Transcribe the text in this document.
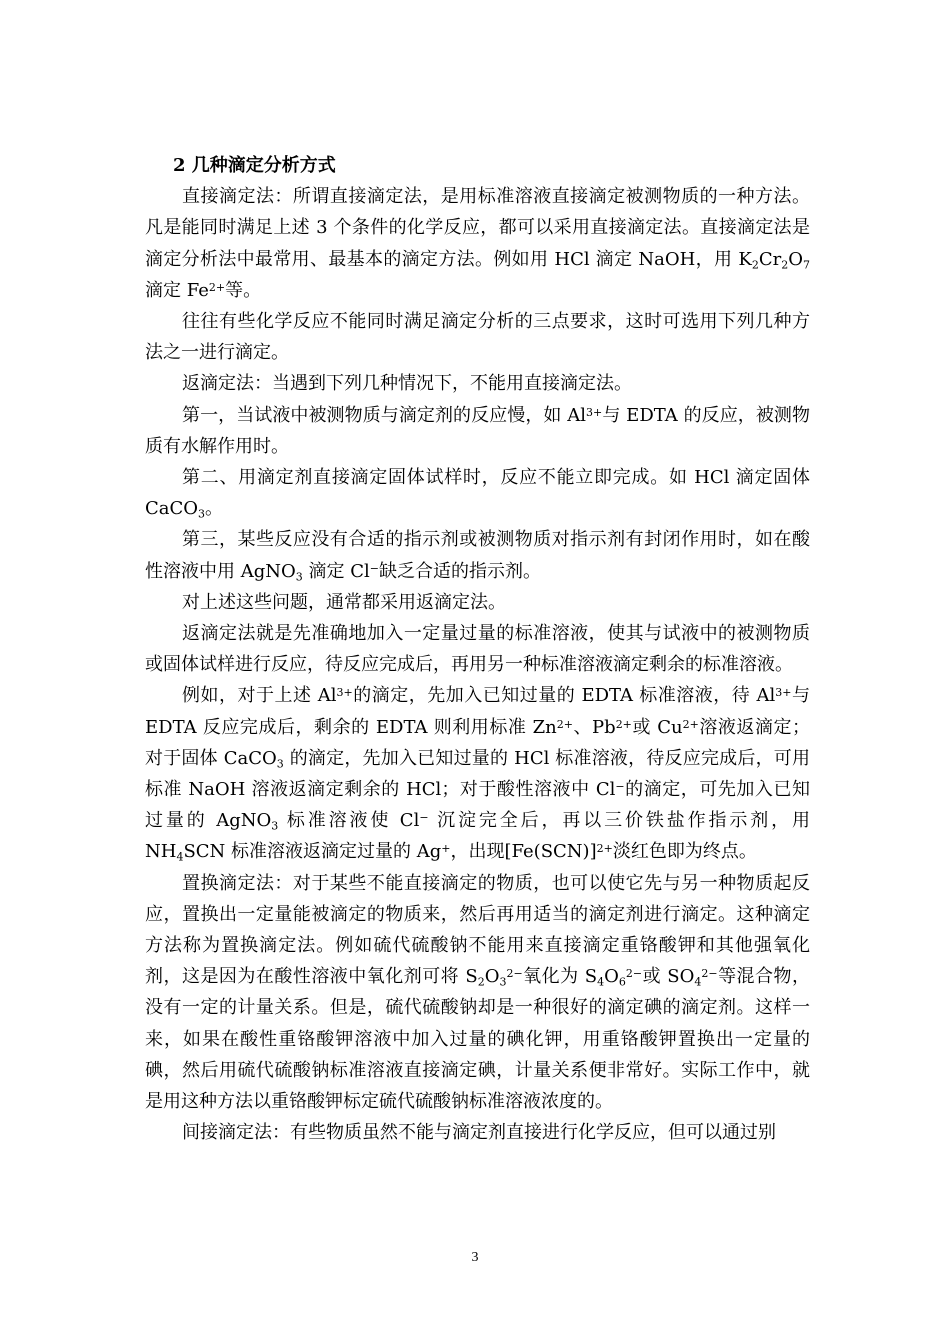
2 几种滴定分析方式

直接滴定法：所谓直接滴定法，是用标准溶液直接滴定被测物质的一种方法。凡是能同时满足上述 3 个条件的化学反应，都可以采用直接滴定法。直接滴定法是滴定分析法中最常用、最基本的滴定方法。例如用 HCl 滴定 NaOH，用 $K_2Cr_2O_7$ 滴定 $Fe^{2+}$等。

往往有些化学反应不能同时满足滴定分析的三点要求，这时可选用下列几种方法之一进行滴定。

返滴定法：当遇到下列几种情况下，不能用直接滴定法。

第一，当试液中被测物质与滴定剂的反应慢，如 $Al^{3+}$与 EDTA 的反应，被测物质有水解作用时。

第二、用滴定剂直接滴定固体试样时，反应不能立即完成。如 HCl 滴定固体 CaCO$_3$。

第三，某些反应没有合适的指示剂或被测物质对指示剂有封闭作用时，如在酸性溶液中用 AgNO$_3$ 滴定 Cl−缺乏合适的指示剂。

对上述这些问题，通常都采用返滴定法。

返滴定法就是先准确地加入一定量过量的标准溶液，使其与试液中的被测物质或固体试样进行反应，待反应完成后，再用另一种标准溶液滴定剩余的标准溶液。

例如，对于上述 $Al^{3+}$的滴定，先加入已知过量的 EDTA 标准溶液，待 $Al^{3+}$与 EDTA 反应完成后，剩余的 EDTA 则利用标准 $Zn^{2+}$、$Pb^{2+}$或 $Cu^{2+}$溶液返滴定；对于固体 CaCO$_3$ 的滴定，先加入已知过量的 HCl 标准溶液，待反应完成后，可用标准 NaOH 溶液返滴定剩余的 HCl；对于酸性溶液中 Cl−的滴定，可先加入已知过量的 AgNO$_3$ 标准溶液使 Cl− 沉淀完全后，再以三价铁盐作指示剂，用 $NH_4SCN$ 标准溶液返滴定过量的 Ag+，出现$[Fe(SCN)]^{2+}$淡红色即为终点。

置换滴定法：对于某些不能直接滴定的物质，也可以使它先与另一种物质起反应，置换出一定量能被滴定的物质来，然后再用适当的滴定剂进行滴定。这种滴定方法称为置换滴定法。例如硫代硫酸钠不能用来直接滴定重铬酸钾和其他强氧化剂，这是因为在酸性溶液中氧化剂可将 $S_2O_3^{2-}$氧化为 $S_4O_6^{2-}$或 $SO_4^{2-}$等混合物，没有一定的计量关系。但是，硫代硫酸钠却是一种很好的滴定碘的滴定剂。这样一来，如果在酸性重铬酸钾溶液中加入过量的碘化钾，用重铬酸钾置换出一定量的碘，然后用硫代硫酸钠标准溶液直接滴定碘，计量关系便非常好。实际工作中，就是用这种方法以重铬酸钾标定硫代硫酸钠标准溶液浓度的。

间接滴定法：有些物质虽然不能与滴定剂直接进行化学反应，但可以通过别

3
